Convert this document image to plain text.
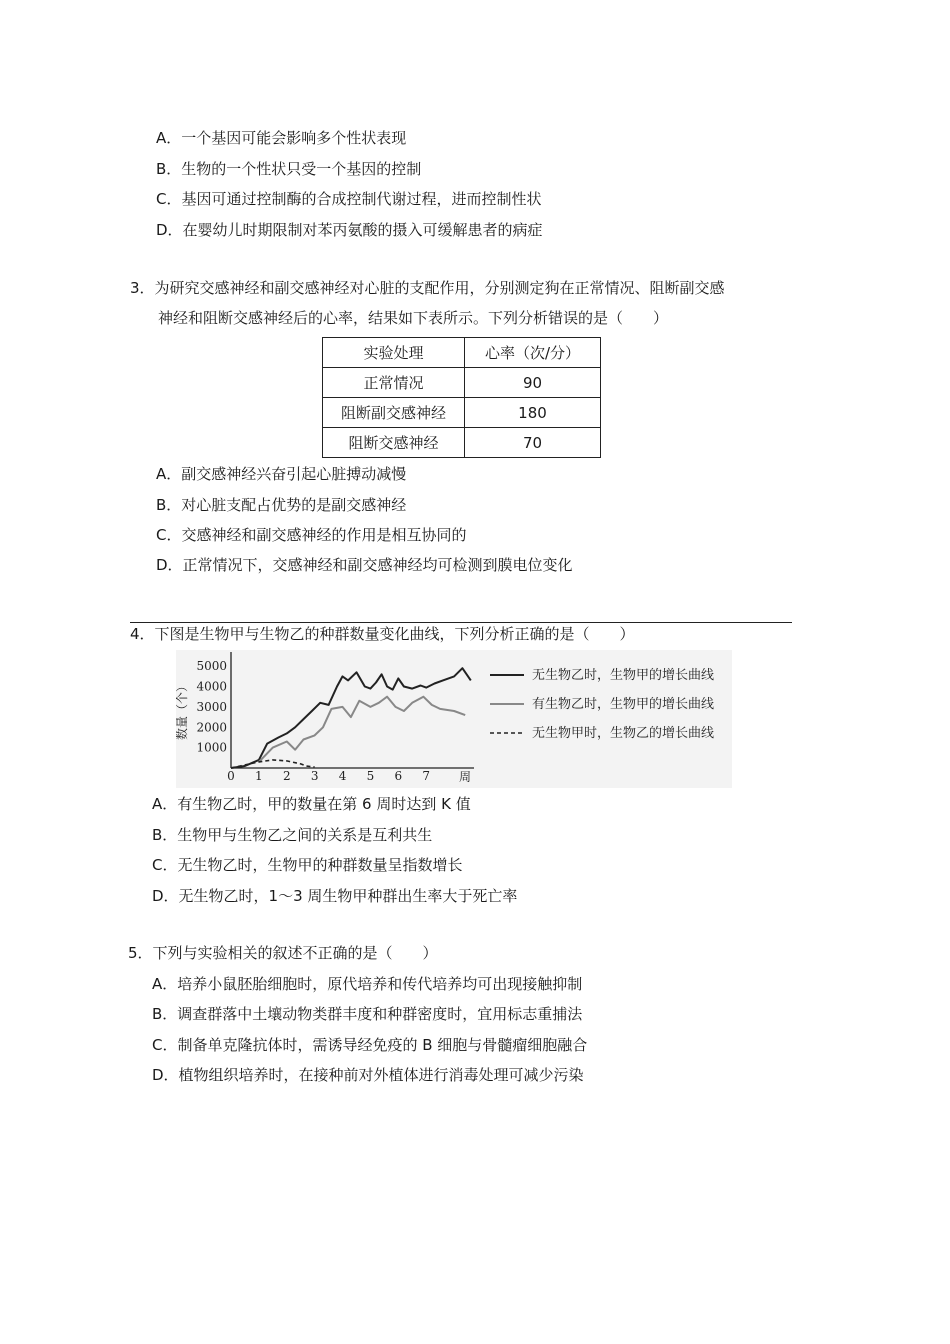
A．一个基因可能会影响多个性状表现
B．生物的一个性状只受一个基因的控制
C．基因可通过控制酶的合成控制代谢过程，进而控制性状
D．在婴幼儿时期限制对苯丙氨酸的摄入可缓解患者的病症
3．为研究交感神经和副交感神经对心脏的支配作用，分别测定狗在正常情况、阻断副交感
神经和阻断交感神经后的心率，结果如下表所示。下列分析错误的是（　　）
实验处理	心率（次/分）
正常情况	90
阻断副交感神经	180
阻断交感神经	70
A．副交感神经兴奋引起心脏搏动减慢
B．对心脏支配占优势的是副交感神经
C．交感神经和副交感神经的作用是相互协同的
D．正常情况下，交感神经和副交感神经均可检测到膜电位变化
4．下图是生物甲与生物乙的种群数量变化曲线，下列分析正确的是（　　）
0 1 2 3 4 5 6 7
1000
2000
3000
4000
5000
无生物乙时，生物甲的增长曲线
有生物乙时，生物甲的增长曲线
无生物甲时，生物乙的增长曲线
数量（个）
周
A．有生物乙时，甲的数量在第 6 周时达到 K 值
B．生物甲与生物乙之间的关系是互利共生
C．无生物乙时，生物甲的种群数量呈指数增长
D．无生物乙时，1～3 周生物甲种群出生率大于死亡率
5．下列与实验相关的叙述不正确的是（　　）
A．培养小鼠胚胎细胞时，原代培养和传代培养均可出现接触抑制
B．调查群落中土壤动物类群丰度和种群密度时，宜用标志重捕法
C．制备单克隆抗体时，需诱导经免疫的 B 细胞与骨髓瘤细胞融合
D．植物组织培养时，在接种前对外植体进行消毒处理可减少污染
